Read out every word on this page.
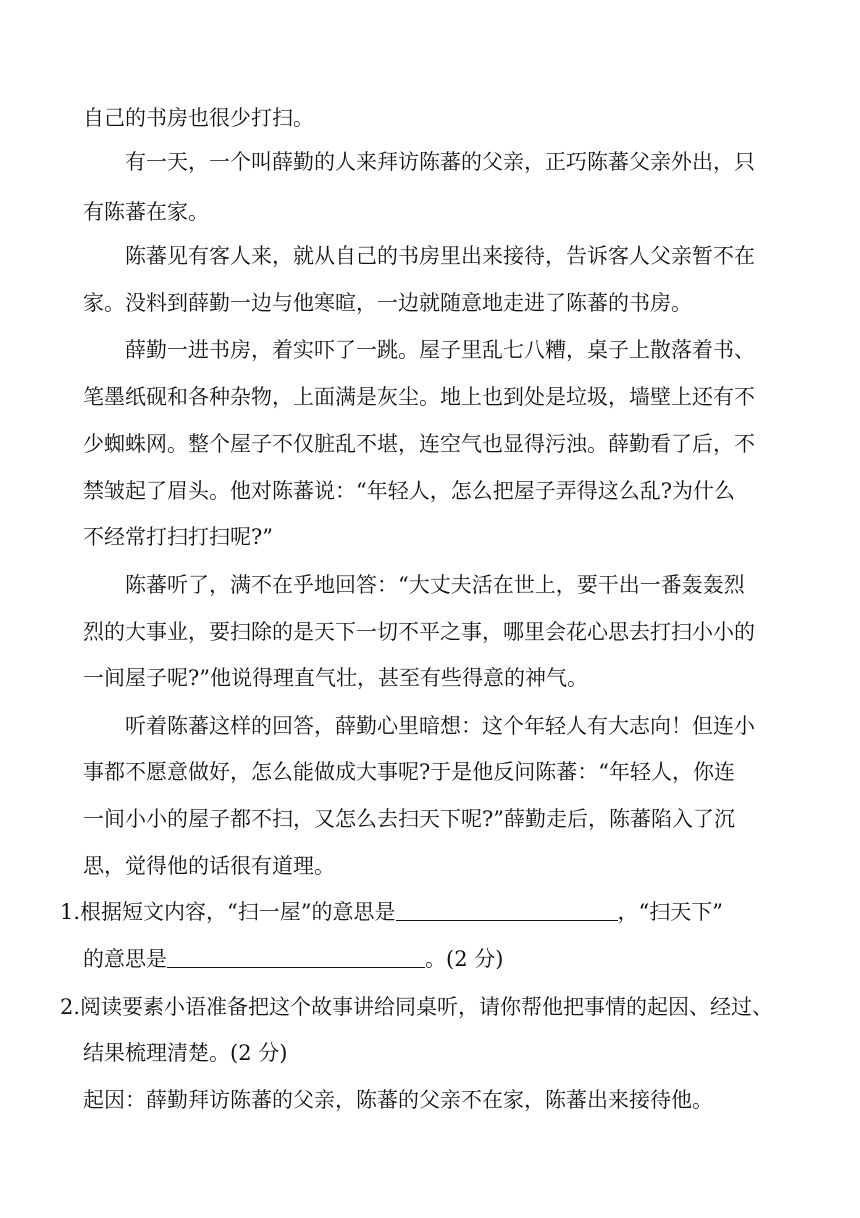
自己的书房也很少打扫。
有一天，一个叫薛勤的人来拜访陈蕃的父亲，正巧陈蕃父亲外出，只
有陈蕃在家。
陈蕃见有客人来，就从自己的书房里出来接待，告诉客人父亲暂不在
家。没料到薛勤一边与他寒暄，一边就随意地走进了陈蕃的书房。
薛勤一进书房，着实吓了一跳。屋子里乱七八糟，桌子上散落着书、
笔墨纸砚和各种杂物，上面满是灰尘。地上也到处是垃圾，墙壁上还有不
少蜘蛛网。整个屋子不仅脏乱不堪，连空气也显得污浊。薛勤看了后，不
禁皱起了眉头。他对陈蕃说：“年轻人，怎么把屋子弄得这么乱?为什么
不经常打扫打扫呢?”
陈蕃听了，满不在乎地回答：“大丈夫活在世上，要干出一番轰轰烈
烈的大事业，要扫除的是天下一切不平之事，哪里会花心思去打扫小小的
一间屋子呢?”他说得理直气壮，甚至有些得意的神气。
听着陈蕃这样的回答，薛勤心里暗想：这个年轻人有大志向！但连小
事都不愿意做好，怎么能做成大事呢?于是他反问陈蕃：“年轻人，你连
一间小小的屋子都不扫，又怎么去扫天下呢?”薛勤走后，陈蕃陷入了沉
思，觉得他的话很有道理。
1.根据短文内容，“扫一屋”的意思是	，“扫天下”
的意思是	。(2 分)
2.阅读要素小语准备把这个故事讲给同桌听，请你帮他把事情的起因、经过、
结果梳理清楚。(2 分)
起因：薛勤拜访陈蕃的父亲，陈蕃的父亲不在家，陈蕃出来接待他。
